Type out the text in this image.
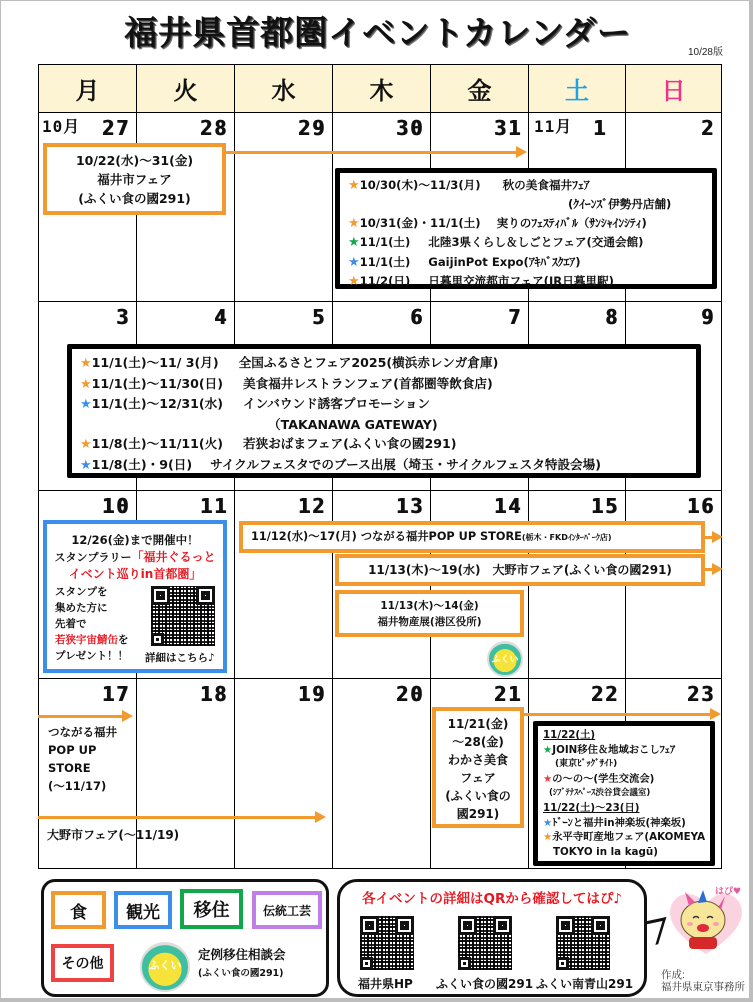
福井県首都圏イベントカレンダー
10/28版
月	火	水	木	金	土	日
10月 27	28	29	30	31 11月 1	2
3	4	5	6	7	8	9
10	11	12	13	14	15	16
17	18	19	20	21	22	23
10/22(水)～31(金)
福井市フェア
(ふくい食の國291)
★10/30(木)～11/3(月) 秋の美食福井ﾌｪｱ
(ｸｲｰﾝｽﾞ伊勢丹店舗)
★10/31(金)・11/1(土) 実りのﾌｪｽﾃｨﾊﾞﾙ（ｻﾝｼｬｲﾝｼﾃｨ)
★11/1(土) 北陸3県くらし＆しごとフェア(交通会館)
★11/1(土) GaijinPot Expo(ｱｷﾊﾞｽｸｴｱ)
★11/2(日) 日暮里交流都市フェア(JR日暮里駅)
★11/1(土)～11/ 3(月) 全国ふるさとフェア2025(横浜赤レンガ倉庫)
★11/1(土)～11/30(日) 美食福井レストランフェア(首都圏等飲食店)
★11/1(土)～12/31(水) インバウンド誘客プロモーション
（TAKANAWA GATEWAY)
★11/8(土)～11/11(火) 若狭おばまフェア(ふくい食の國291)
★11/8(土)・9(日) サイクルフェスタでのブース出展（埼玉・サイクルフェスタ特設会場)
12/26(金)まで開催中！
スタンプラリー「福井ぐるっと
イベント巡りin首都圏」
スタンプを
集めた方に
先着で
若狭宇宙鯖缶を
プレゼント！！ 詳細はこちら♪
11/12(水)～17(月) つながる福井POP UP STORE(栃木・FKDｲﾝﾀｰﾊﾟｰｸ店)
11/13(木)～19(水)　大野市フェア(ふくい食の國291)
11/13(木)～14(金)
福井物産展(港区役所)
ふくい
つながる福井
POP UP
STORE
(～11/17)
大野市フェア(～11/19)
11/21(金)
～28(金)
わかさ美食
フェア
(ふくい食の
國291)
11/22(土)
★JOIN移住＆地域おこしﾌｪｱ
(東京ﾋﾞｯｸﾞｻｲﾄ)
★の～の～(学生交流会)
(ｼﾌﾞﾃﾅｽﾍﾟｰｽ渋谷貸会議室)
11/22(土)～23(日)
★ﾄﾞｰﾝと福井in神楽坂(神楽坂)
★永平寺町産地フェア(AKOMEYA
TOKYO in la kagū)
食 観光 移住	伝統工芸
その他	ふくい
定例移住相談会
(ふくい食の國291)
各イベントの詳細はQRから確認してはぴ♪
福井県HP ふくい食の國291 ふくい南青山291
はぴ♥
作成:
福井県東京事務所
